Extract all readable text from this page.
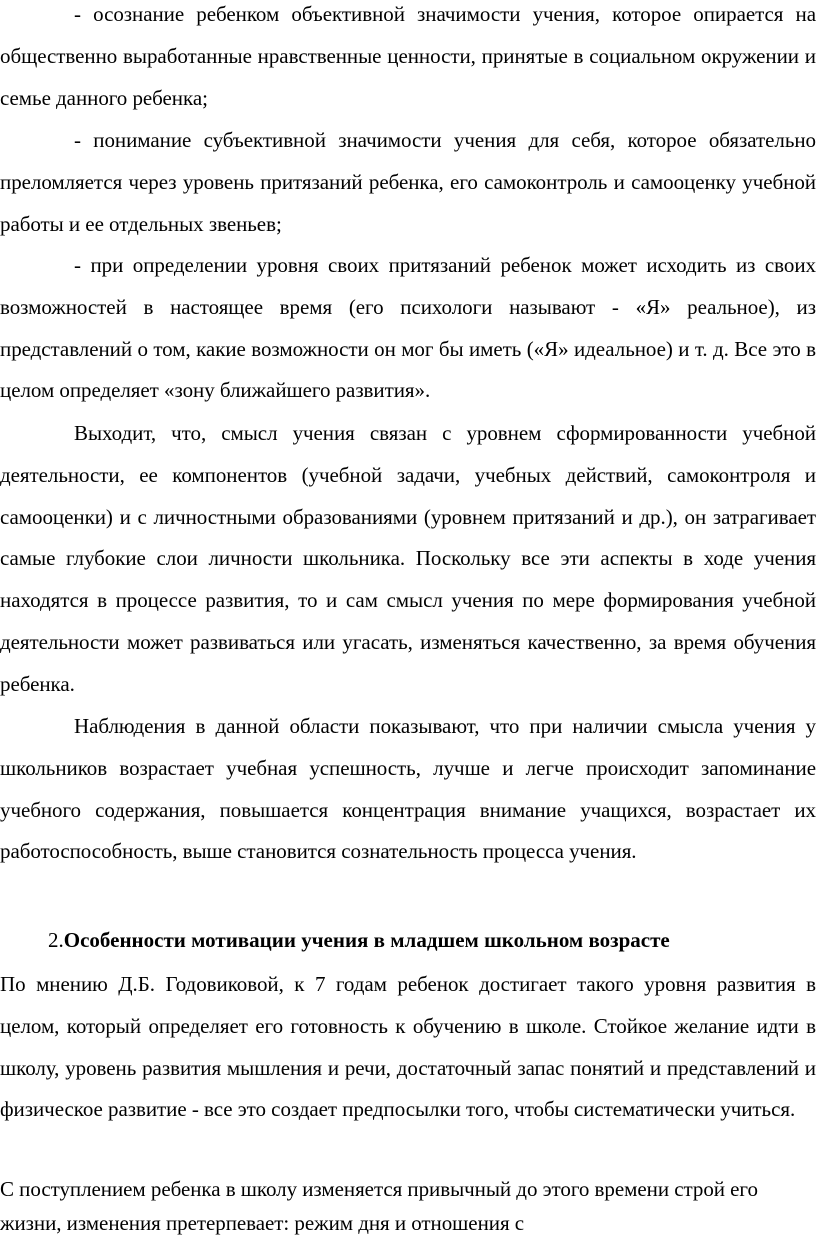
- осознание ребенком объективной значимости учения, которое опирается на общественно выработанные нравственные ценности, принятые в социальном окружении и семье данного ребенка;

- понимание субъективной значимости учения для себя, которое обязательно преломляется через уровень притязаний ребенка, его самоконтроль и самооценку учебной работы и ее отдельных звеньев;

- при определении уровня своих притязаний ребенок может исходить из своих возможностей в настоящее время (его психологи называют - «Я» реальное), из представлений о том, какие возможности он мог бы иметь («Я» идеальное) и т. д. Все это в целом определяет «зону ближайшего развития».

Выходит, что, смысл учения связан с уровнем сформированности учебной деятельности, ее компонентов (учебной задачи, учебных действий, самоконтроля и самооценки) и с личностными образованиями (уровнем притязаний и др.), он затрагивает самые глубокие слои личности школьника. Поскольку все эти аспекты в ходе учения находятся в процессе развития, то и сам смысл учения по мере формирования учебной деятельности может развиваться или угасать, изменяться качественно, за время обучения ребенка.

Наблюдения в данной области показывают, что при наличии смысла учения у школьников возрастает учебная успешность, лучше и легче происходит запоминание учебного содержания, повышается концентрация внимание учащихся, возрастает их работоспособность, выше становится сознательность процесса учения.

2.Особенности мотивации учения в младшем школьном возрасте

По мнению Д.Б. Годовиковой, к 7 годам ребенок достигает такого уровня развития в целом, который определяет его готовность к обучению в школе. Стойкое желание идти в школу, уровень развития мышления и речи, достаточный запас понятий и представлений и физическое развитие - все это создает предпосылки того, чтобы систематически учиться.

С поступлением ребенка в школу изменяется привычный до этого времени строй его жизни, изменения претерпевает: режим дня и отношения с
